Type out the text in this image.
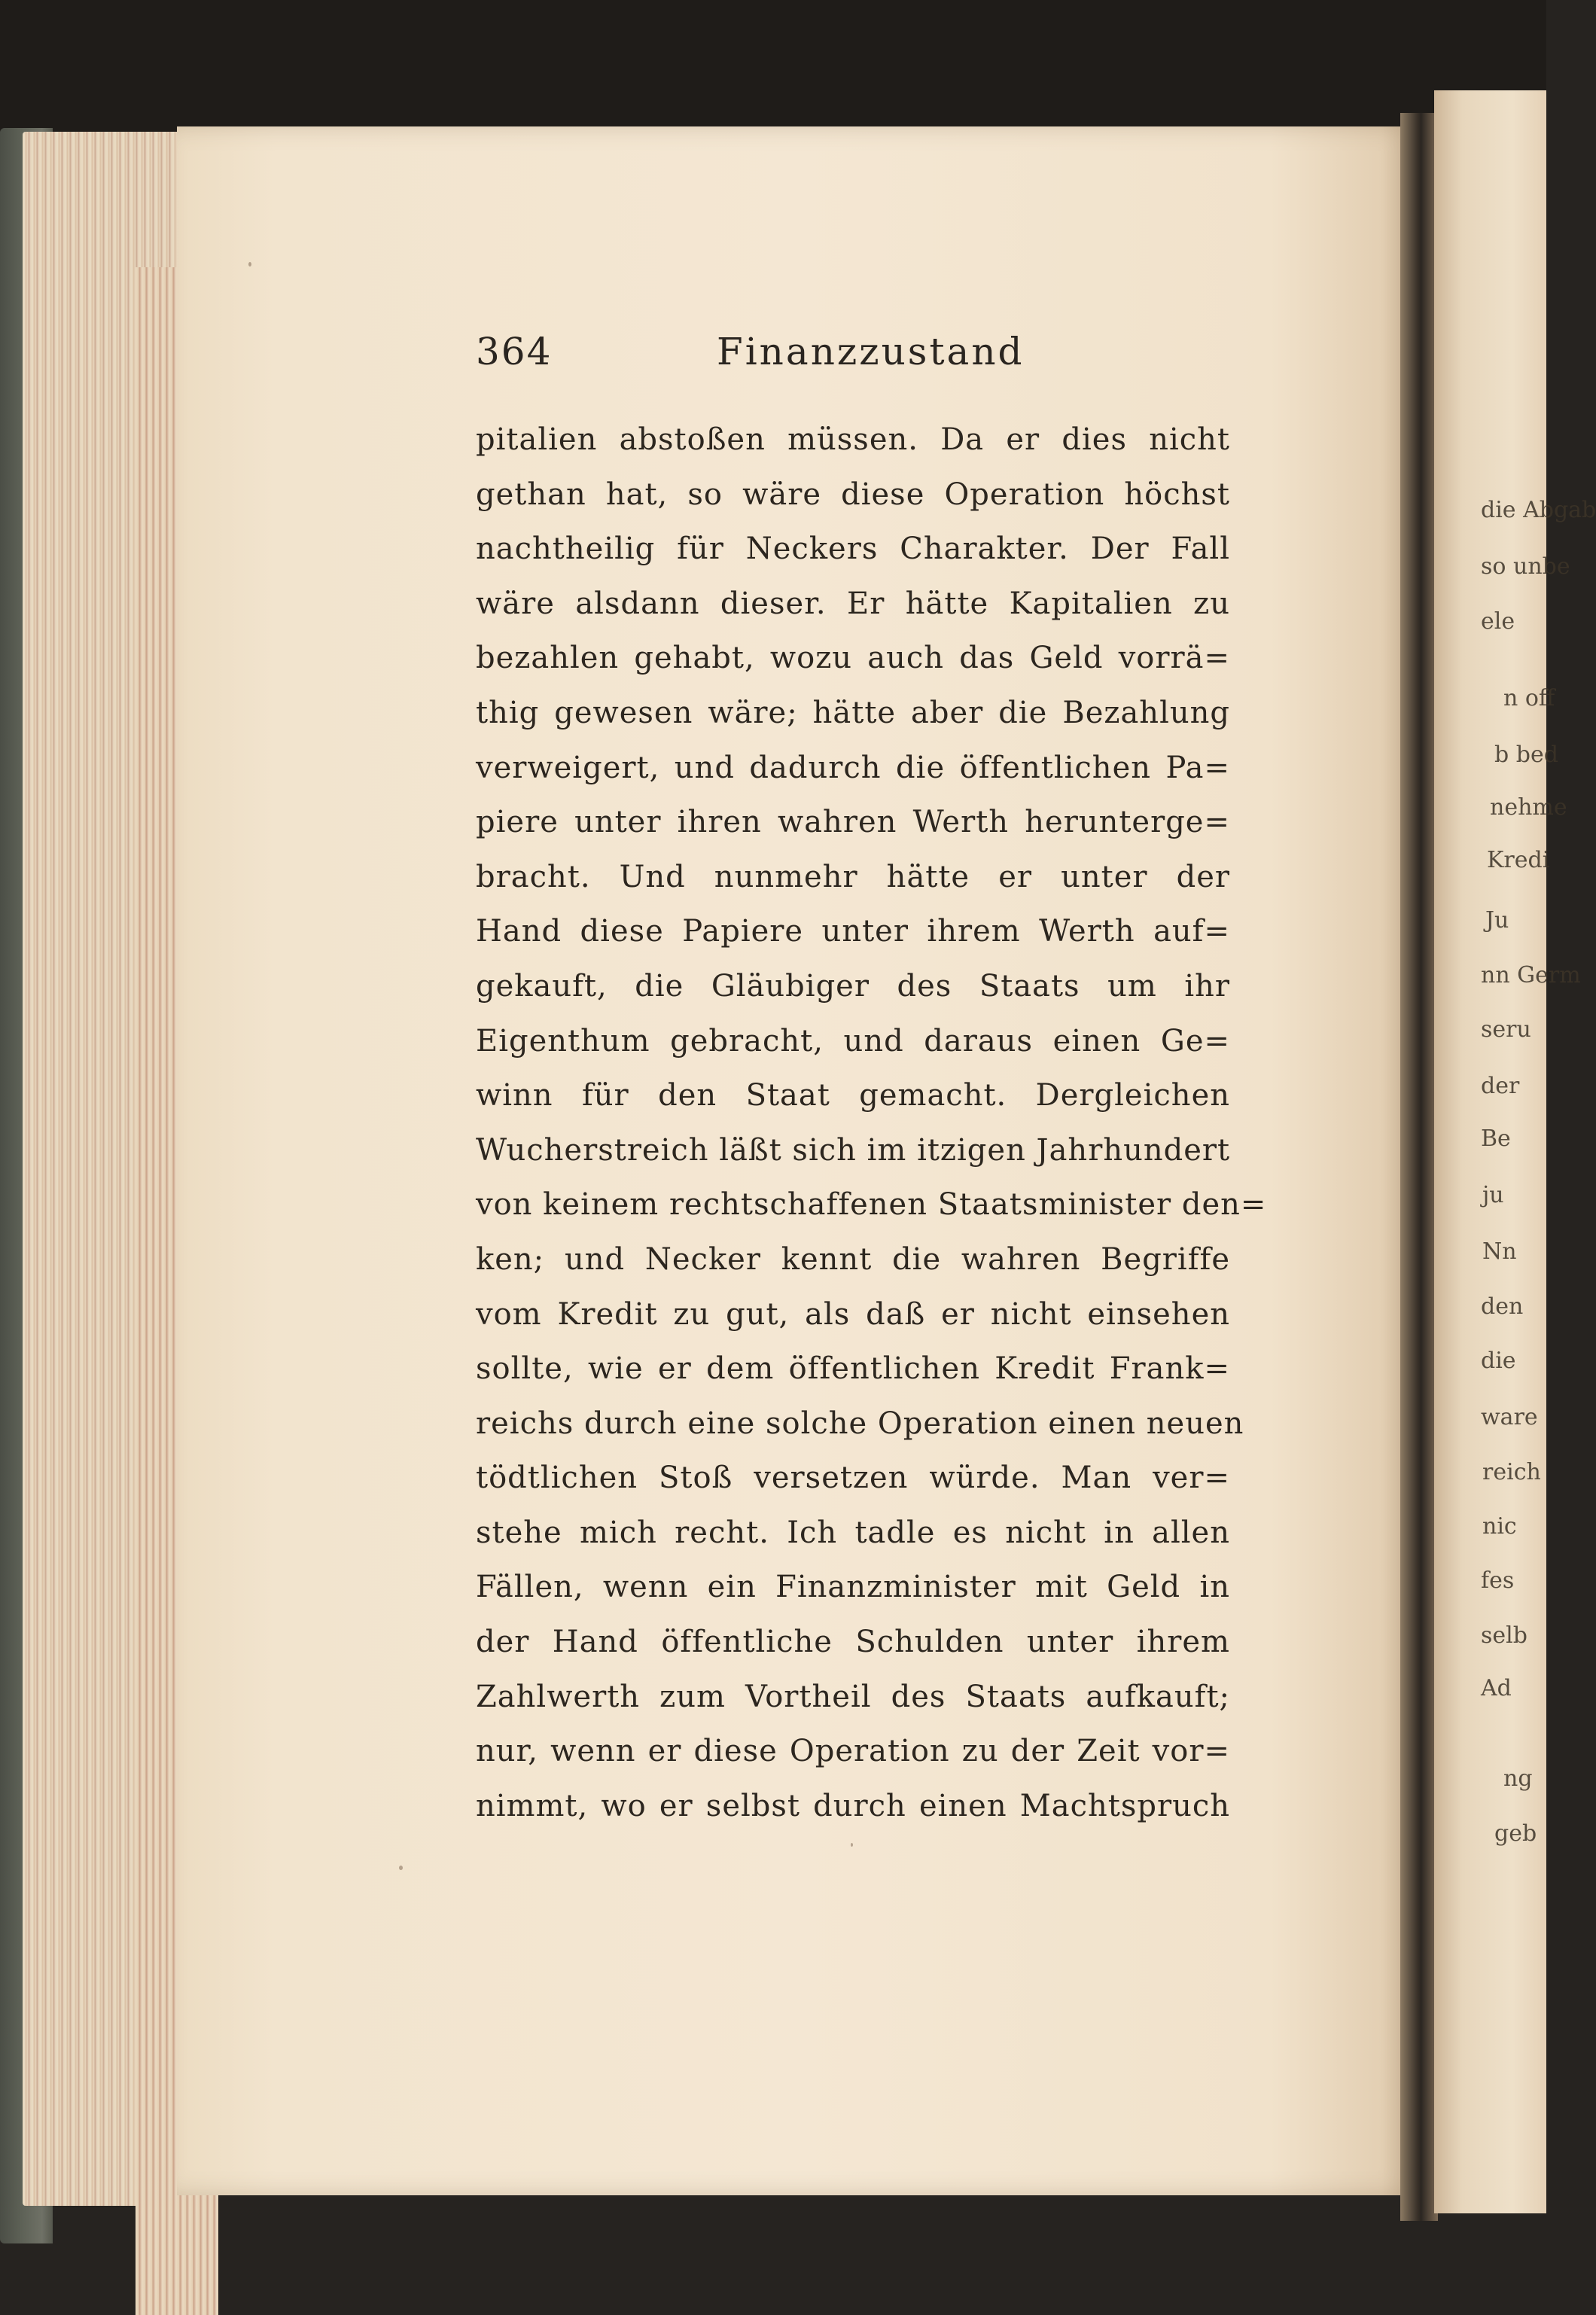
die Abgab
so unbe
ele
n off
b bed
nehme
Kredi
Ju
nn Germ
seru
der
Be
ju
Nn
den
die
ware
reich
nic
fes
selb
Ad
ng
geb
364	Finanzzustand
pitalien abstoßen müssen. Da er dies nicht
gethan hat, so wäre diese Operation höchst
nachtheilig für Neckers Charakter. Der Fall
wäre alsdann dieser. Er hätte Kapitalien zu
bezahlen gehabt, wozu auch das Geld vorrä=
thig gewesen wäre; hätte aber die Bezahlung
verweigert, und dadurch die öffentlichen Pa=
piere unter ihren wahren Werth herunterge=
bracht. Und nunmehr hätte er unter der
Hand diese Papiere unter ihrem Werth auf=
gekauft, die Gläubiger des Staats um ihr
Eigenthum gebracht, und daraus einen Ge=
winn für den Staat gemacht. Dergleichen
Wucherstreich läßt sich im itzigen Jahrhundert
von keinem rechtschaffenen Staatsminister den=
ken; und Necker kennt die wahren Begriffe
vom Kredit zu gut, als daß er nicht einsehen
sollte, wie er dem öffentlichen Kredit Frank=
reichs durch eine solche Operation einen neuen
tödtlichen Stoß versetzen würde. Man ver=
stehe mich recht. Ich tadle es nicht in allen
Fällen, wenn ein Finanzminister mit Geld in
der Hand öffentliche Schulden unter ihrem
Zahlwerth zum Vortheil des Staats aufkauft;
nur, wenn er diese Operation zu der Zeit vor=
nimmt, wo er selbst durch einen Machtspruch
